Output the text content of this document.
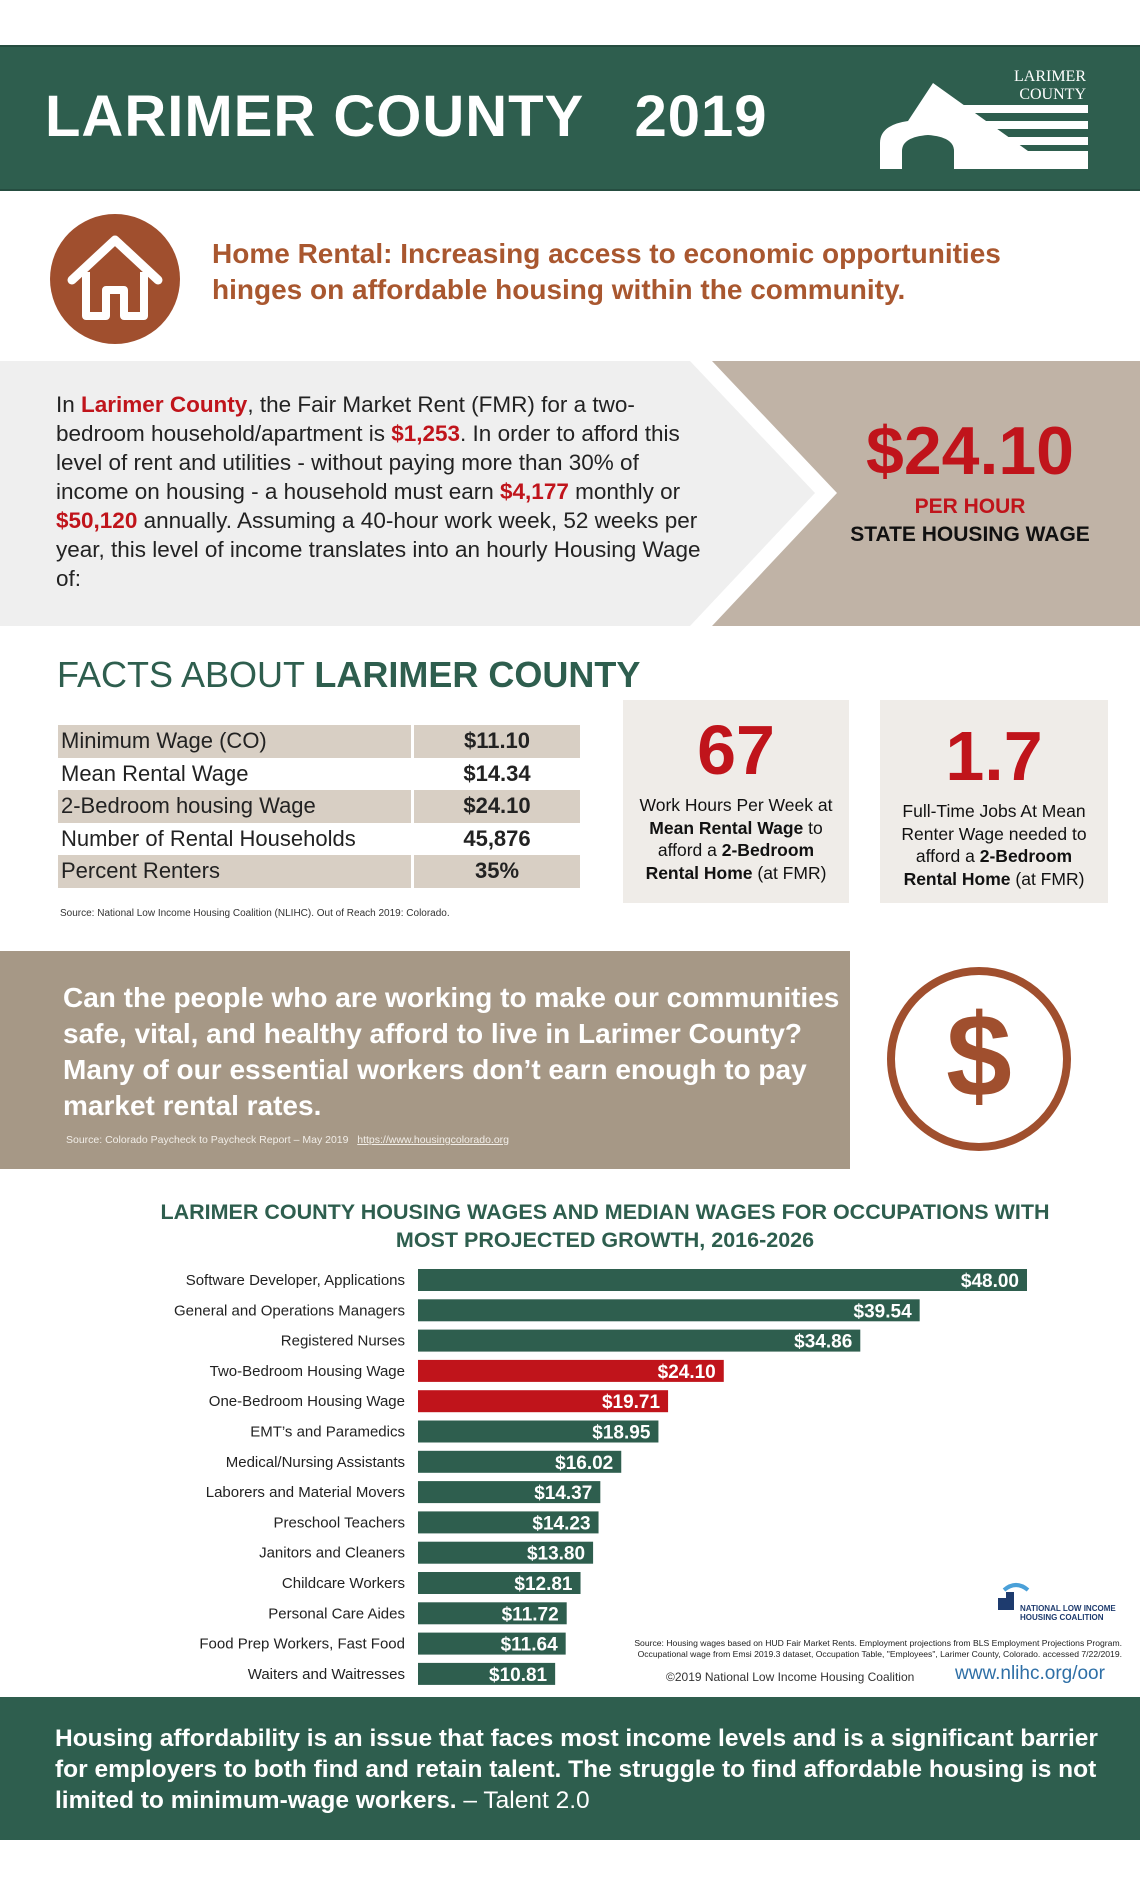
LARIMER COUNTY   2019
LARIMER
COUNTY
Home Rental: Increasing access to economic opportunities hinges on affordable housing within the community.
In Larimer County, the Fair Market Rent (FMR) for a two-bedroom household/apartment is $1,253. In order to afford this level of rent and utilities - without paying more than 30% of income on housing - a household must earn $4,177 monthly or $50,120 annually. Assuming a 40-hour work week, 52 weeks per year, this level of income translates into an hourly Housing Wage of:
$24.10
PER HOUR
STATE HOUSING WAGE
FACTS ABOUT LARIMER COUNTY
Minimum Wage (CO)	$11.10
Mean Rental Wage	$14.34
2-Bedroom housing Wage	$24.10
Number of Rental Households	45,876
Percent Renters	35%
Source: National Low Income Housing Coalition (NLIHC). Out of Reach 2019: Colorado.
67
Work Hours Per Week at Mean Rental Wage to afford a 2-Bedroom Rental Home (at FMR)
1.7
Full-Time Jobs At Mean Renter Wage needed to afford a 2-Bedroom Rental Home (at FMR)
Can the people who are working to make our communities safe, vital, and healthy afford to live in Larimer County? Many of our essential workers don’t earn enough to pay market rental rates.
Source: Colorado Paycheck to Paycheck Report – May 2019   https://www.housingcolorado.org
$
LARIMER COUNTY HOUSING WAGES AND MEDIAN WAGES FOR OCCUPATIONS WITH MOST PROJECTED GROWTH, 2016-2026
Software Developer, Applications	$48.00
General and Operations Managers	$39.54
Registered Nurses	$34.86
Two-Bedroom Housing Wage	$24.10
One-Bedroom Housing Wage	$19.71
EMT’s and Paramedics	$18.95
Medical/Nursing Assistants	$16.02
Laborers and Material Movers	$14.37
Preschool Teachers	$14.23
Janitors and Cleaners	$13.80
Childcare Workers	$12.81
Personal Care Aides	$11.72
Food Prep Workers, Fast Food	$11.64
Waiters and Waitresses	$10.81
NATIONAL LOW INCOME HOUSING COALITION
Source: Housing wages based on HUD Fair Market Rents. Employment projections from BLS Employment Projections Program. Occupational wage from Emsi 2019.3 dataset, Occupation Table, "Employees", Larimer County, Colorado. accessed 7/22/2019.
©2019 National Low Income Housing Coalition www.nlihc.org/oor
Housing affordability is an issue that faces most income levels and is a significant barrier for employers to both find and retain talent. The struggle to find affordable housing is not limited to minimum-wage workers. – Talent 2.0
